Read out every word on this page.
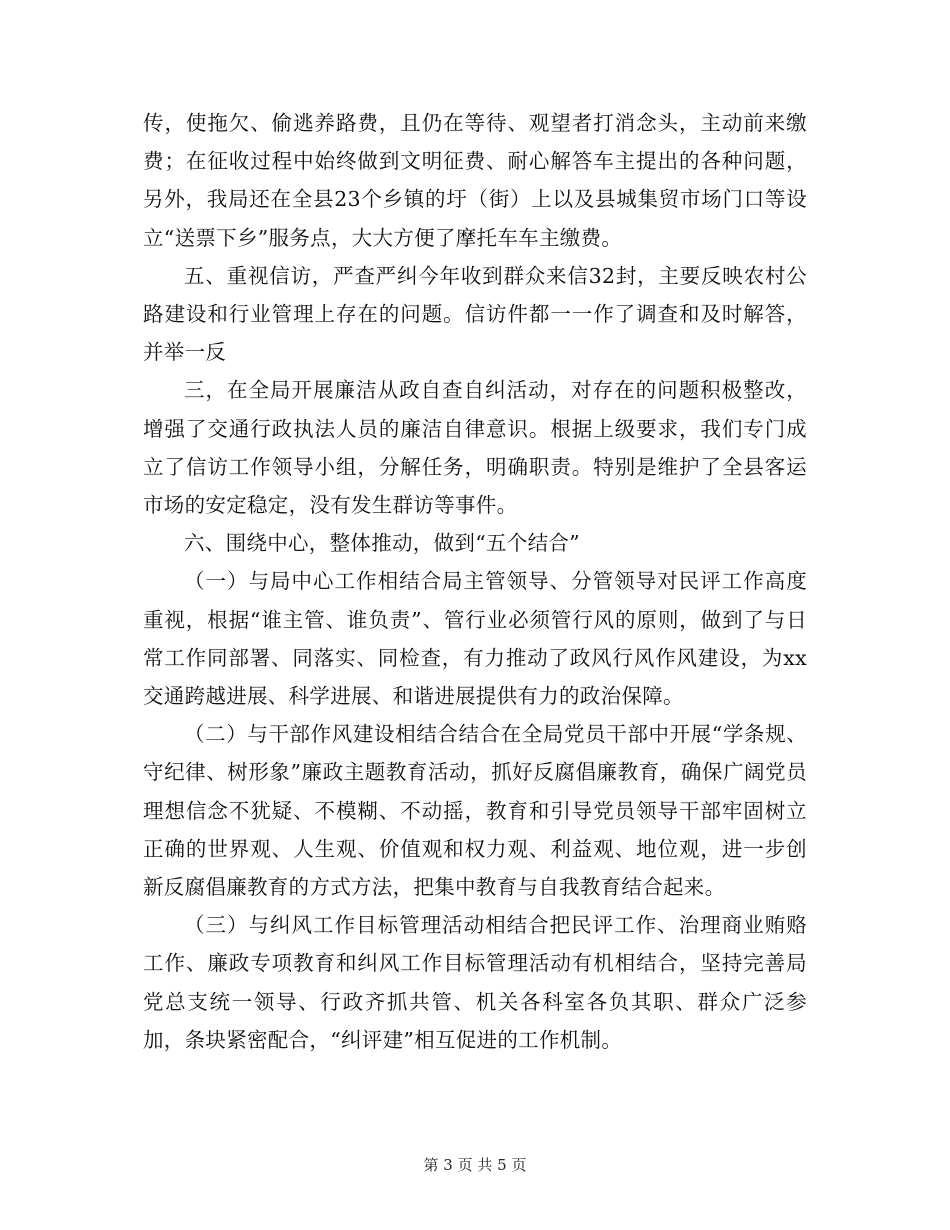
传，使拖欠、偷逃养路费，且仍在等待、观望者打消念头，主动前来缴费；在征收过程中始终做到文明征费、耐心解答车主提出的各种问题，另外，我局还在全县23个乡镇的圩（街）上以及县城集贸市场门口等设立“送票下乡”服务点，大大方便了摩托车车主缴费。

五、重视信访，严查严纠今年收到群众来信32封，主要反映农村公路建设和行业管理上存在的问题。信访件都一一作了调查和及时解答，并举一反

三，在全局开展廉洁从政自查自纠活动，对存在的问题积极整改，增强了交通行政执法人员的廉洁自律意识。根据上级要求，我们专门成立了信访工作领导小组，分解任务，明确职责。特别是维护了全县客运市场的安定稳定，没有发生群访等事件。

六、围绕中心，整体推动，做到“五个结合”

（一）与局中心工作相结合局主管领导、分管领导对民评工作高度重视，根据“谁主管、谁负责”、管行业必须管行风的原则，做到了与日常工作同部署、同落实、同检查，有力推动了政风行风作风建设，为xx交通跨越进展、科学进展、和谐进展提供有力的政治保障。

（二）与干部作风建设相结合结合在全局党员干部中开展“学条规、守纪律、树形象”廉政主题教育活动，抓好反腐倡廉教育，确保广阔党员理想信念不犹疑、不模糊、不动摇，教育和引导党员领导干部牢固树立正确的世界观、人生观、价值观和权力观、利益观、地位观，进一步创新反腐倡廉教育的方式方法，把集中教育与自我教育结合起来。

（三）与纠风工作目标管理活动相结合把民评工作、治理商业贿赂工作、廉政专项教育和纠风工作目标管理活动有机相结合，坚持完善局党总支统一领导、行政齐抓共管、机关各科室各负其职、群众广泛参加，条块紧密配合，“纠评建”相互促进的工作机制。

第 3 页 共 5 页
